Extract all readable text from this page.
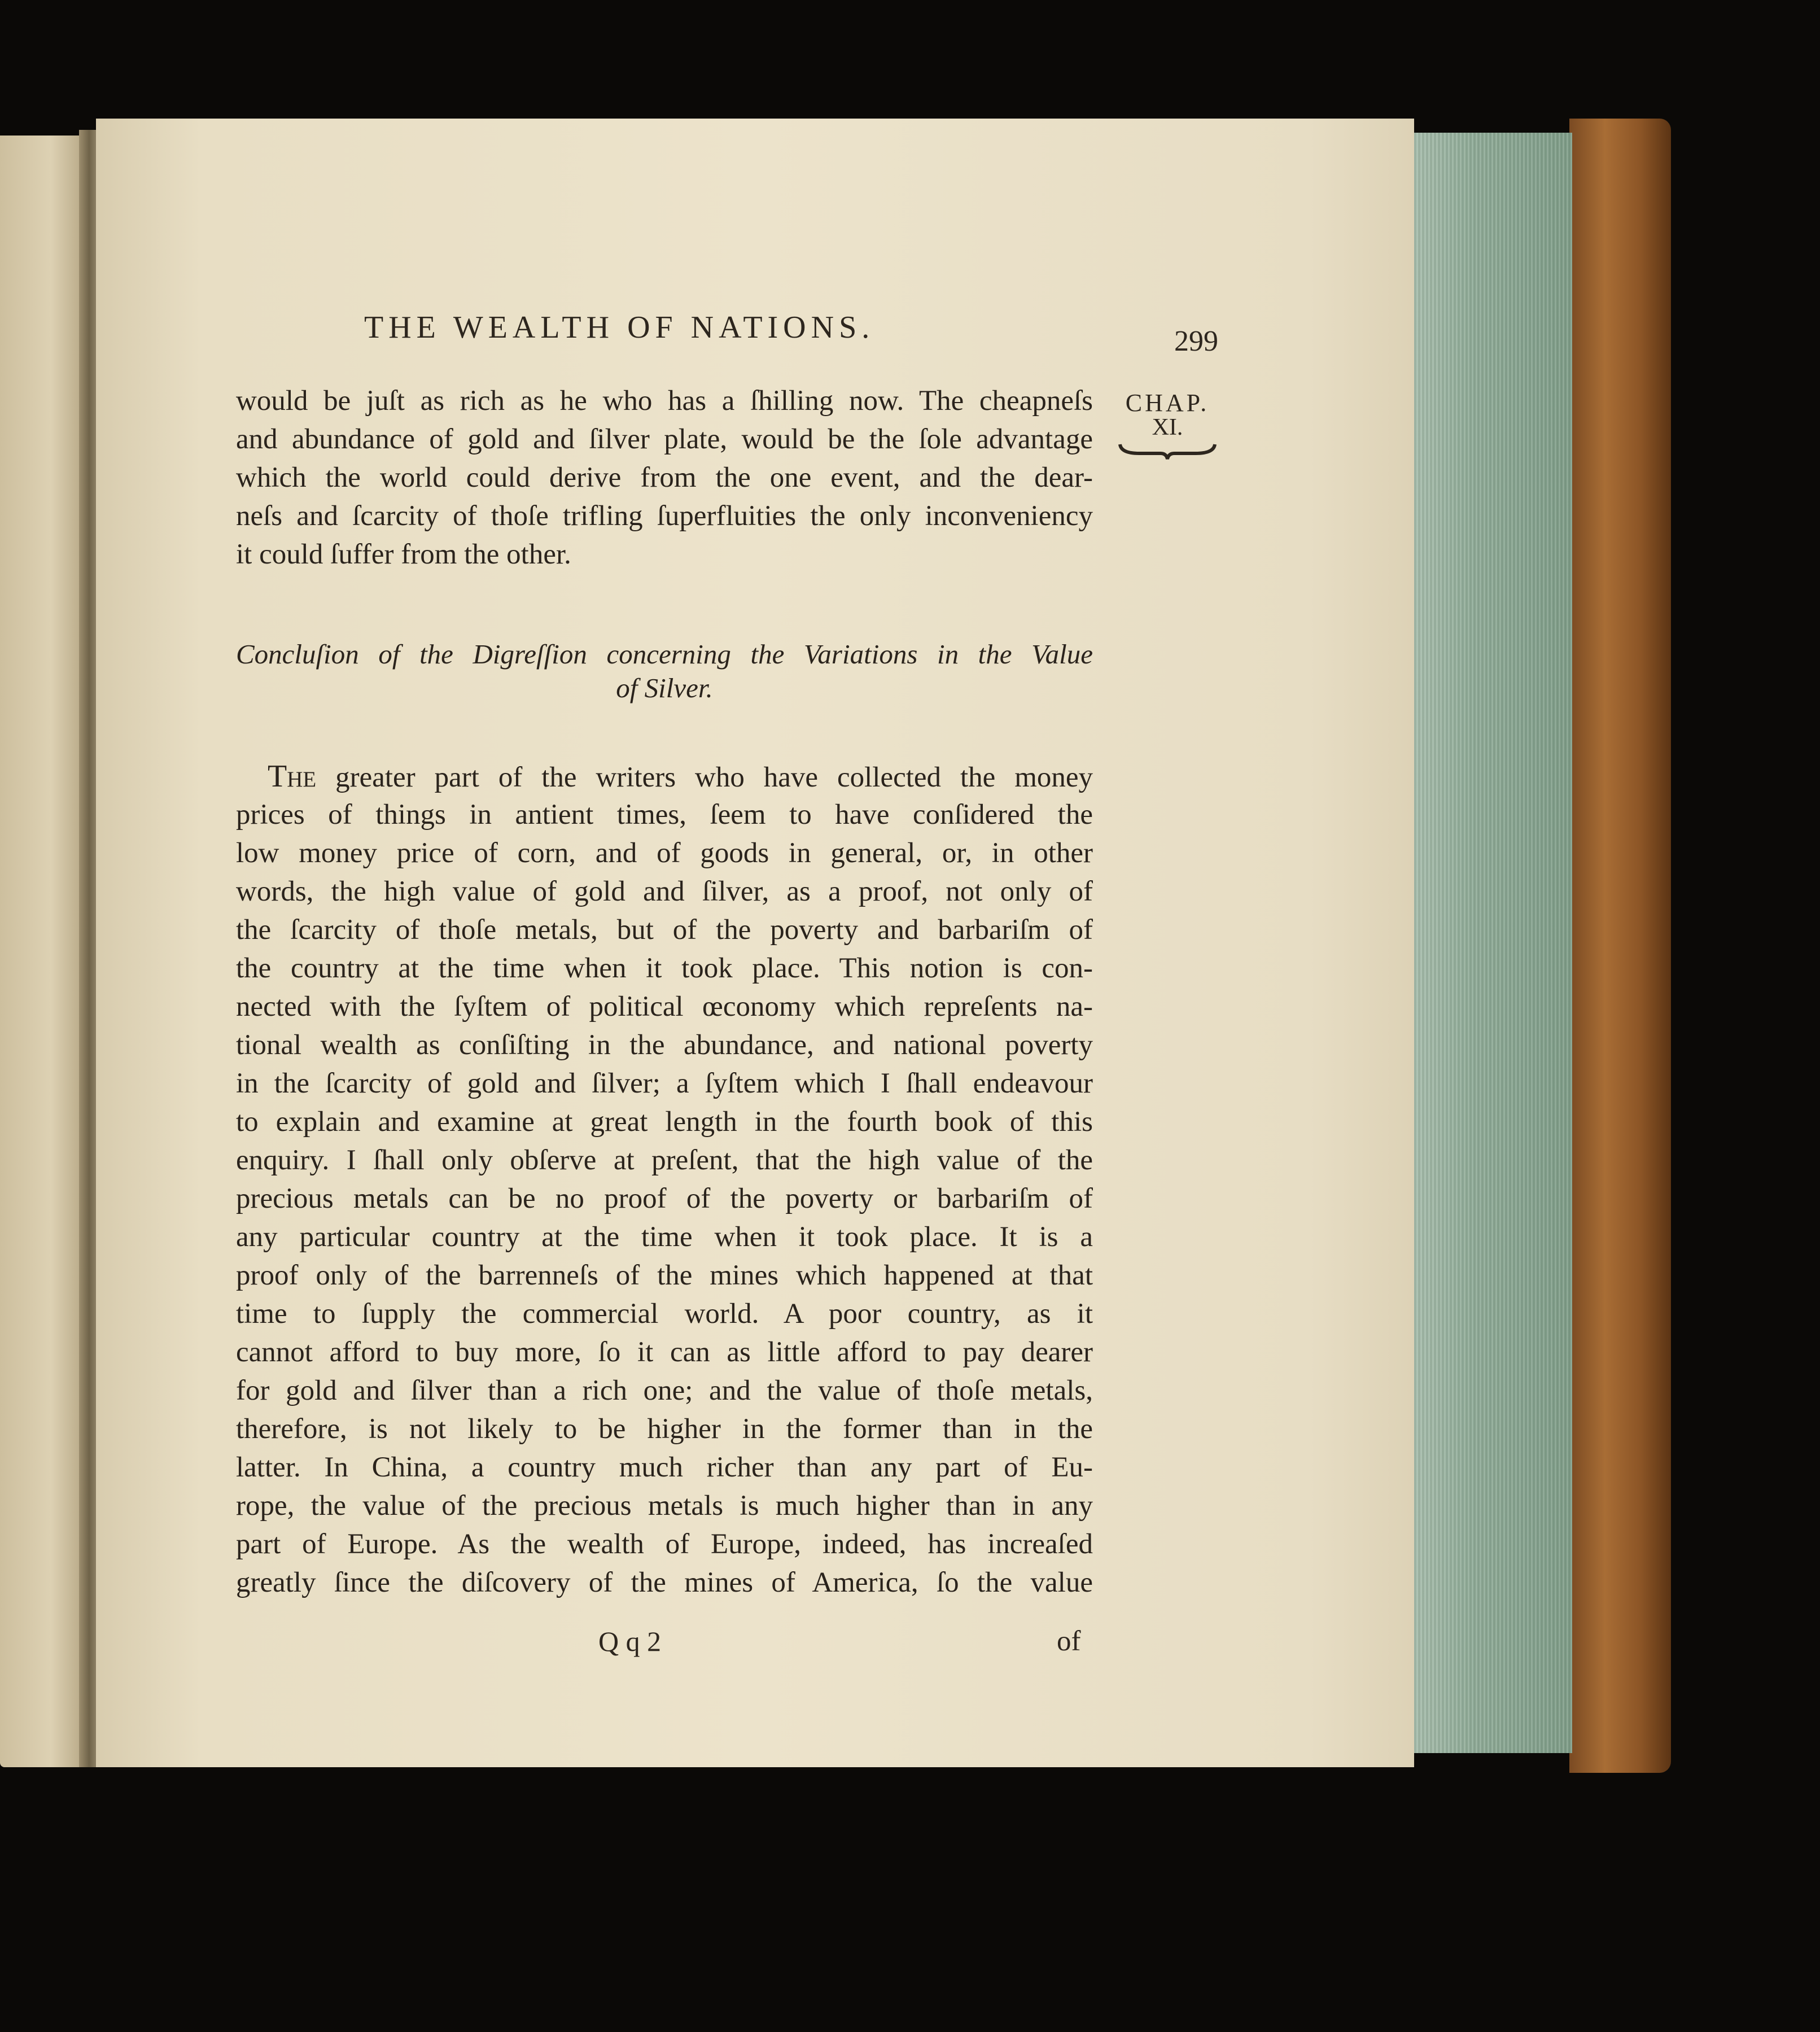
THE WEALTH OF NATIONS.	299
CHAP.
XI.
would be juſt as rich as he who has a ſhilling now. The cheapneſs
and abundance of gold and ſilver plate, would be the ſole advantage
which the world could derive from the one event, and the dear-
neſs and ſcarcity of thoſe trifling ſuperfluities the only inconveniency
it could ſuffer from the other.
Concluſion of the Digreſſion concerning the Variations in the Value
of Silver.
The greater part of the writers who have collected the money
prices of things in antient times, ſeem to have conſidered the
low money price of corn, and of goods in general, or, in other
words, the high value of gold and ſilver, as a proof, not only of
the ſcarcity of thoſe metals, but of the poverty and barbariſm of
the country at the time when it took place. This notion is con-
nected with the ſyſtem of political œconomy which repreſents na-
tional wealth as conſiſting in the abundance, and national poverty
in the ſcarcity of gold and ſilver; a ſyſtem which I ſhall endeavour
to explain and examine at great length in the fourth book of this
enquiry. I ſhall only obſerve at preſent, that the high value of the
precious metals can be no proof of the poverty or barbariſm of
any particular country at the time when it took place. It is a
proof only of the barrenneſs of the mines which happened at that
time to ſupply the commercial world. A poor country, as it
cannot afford to buy more, ſo it can as little afford to pay dearer
for gold and ſilver than a rich one; and the value of thoſe metals,
therefore, is not likely to be higher in the former than in the
latter. In China, a country much richer than any part of Eu-
rope, the value of the precious metals is much higher than in any
part of Europe. As the wealth of Europe, indeed, has increaſed
greatly ſince the diſcovery of the mines of America, ſo the value
Q q 2	of
